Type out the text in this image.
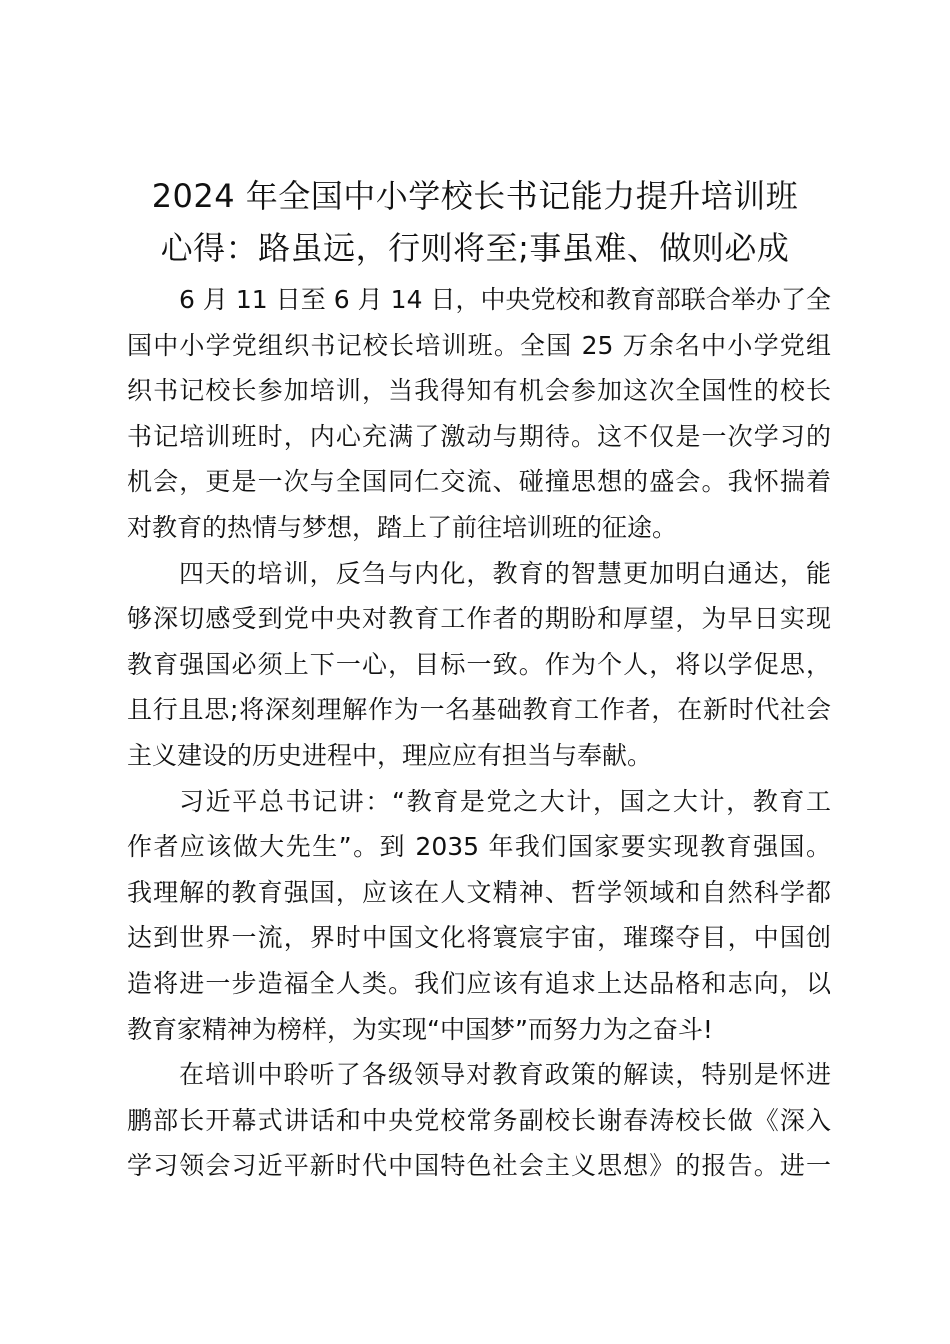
2024 年全国中小学校长书记能力提升培训班
心得：路虽远，行则将至;事虽难、做则必成
6 月 11 日至 6 月 14 日，中央党校和教育部联合举办了全
国中小学党组织书记校长培训班。全国 25 万余名中小学党组
织书记校长参加培训，当我得知有机会参加这次全国性的校长
书记培训班时，内心充满了激动与期待。这不仅是一次学习的
机会，更是一次与全国同仁交流、碰撞思想的盛会。我怀揣着
对教育的热情与梦想，踏上了前往培训班的征途。
四天的培训，反刍与内化，教育的智慧更加明白通达，能
够深切感受到党中央对教育工作者的期盼和厚望，为早日实现
教育强国必须上下一心，目标一致。作为个人，将以学促思，
且行且思;将深刻理解作为一名基础教育工作者，在新时代社会
主义建设的历史进程中，理应应有担当与奉献。
习近平总书记讲：“教育是党之大计，国之大计，教育工
作者应该做大先生”。到 2035 年我们国家要实现教育强国。
我理解的教育强国，应该在人文精神、哲学领域和自然科学都
达到世界一流，界时中国文化将寰宸宇宙，璀璨夺目，中国创
造将进一步造福全人类。我们应该有追求上达品格和志向，以
教育家精神为榜样，为实现“中国梦”而努力为之奋斗!
在培训中聆听了各级领导对教育政策的解读，特别是怀进
鹏部长开幕式讲话和中央党校常务副校长谢春涛校长做《深入
学习领会习近平新时代中国特色社会主义思想》的报告。进一
